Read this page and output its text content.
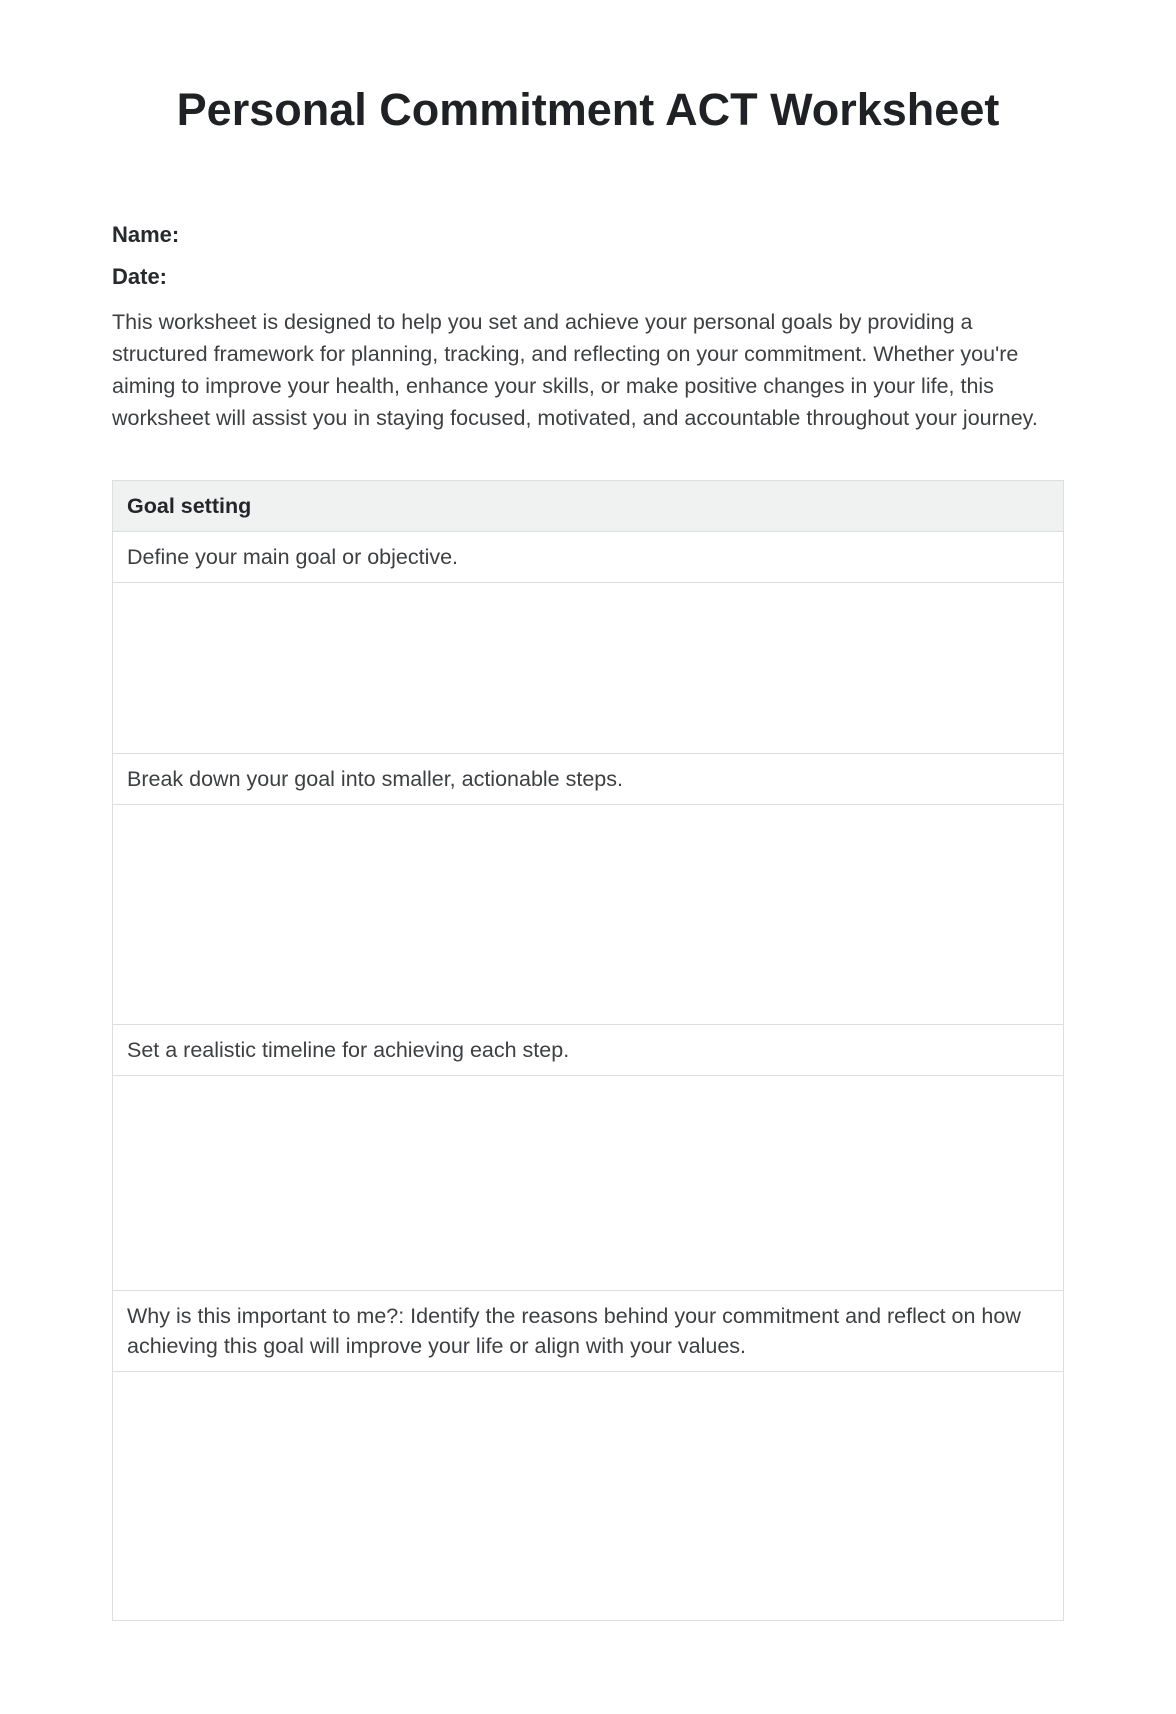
Personal Commitment ACT Worksheet
Name:
Date:

This worksheet is designed to help you set and achieve your personal goals by providing a structured framework for planning, tracking, and reflecting on your commitment. Whether you're aiming to improve your health, enhance your skills, or make positive changes in your life, this worksheet will assist you in staying focused, motivated, and accountable throughout your journey.

Goal setting
Define your main goal or objective.

Break down your goal into smaller, actionable steps.

Set a realistic timeline for achieving each step.

Why is this important to me?: Identify the reasons behind your commitment and reflect on how achieving this goal will improve your life or align with your values.
